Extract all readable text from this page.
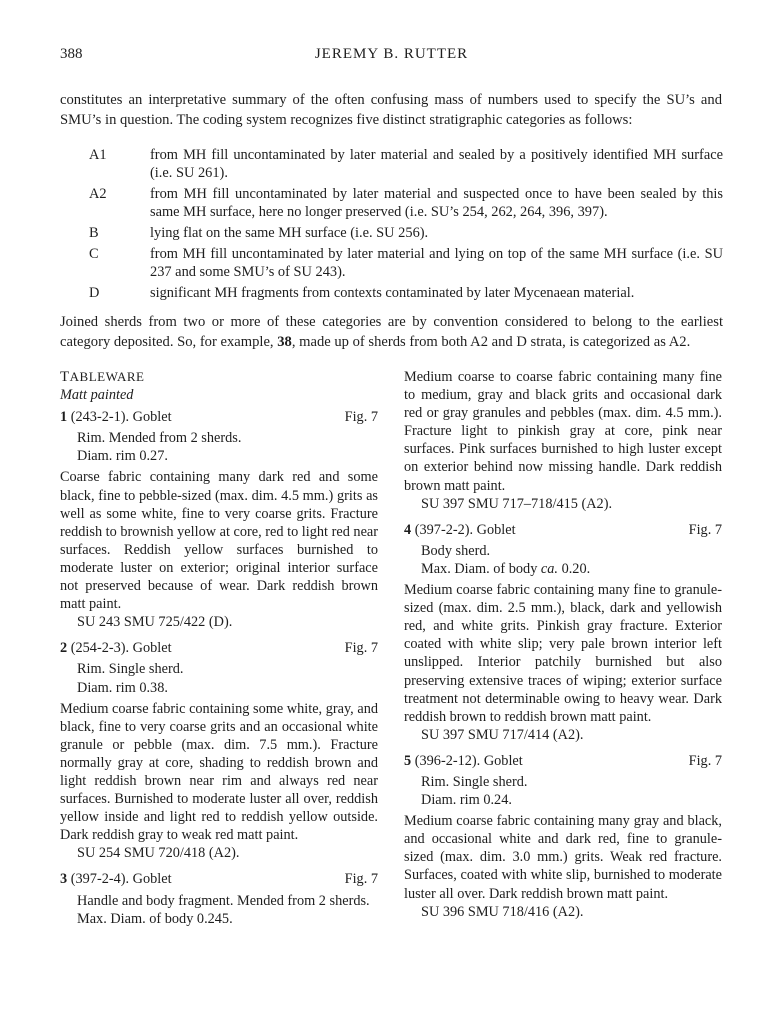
388	JEREMY B. RUTTER

constitutes an interpretative summary of the often confusing mass of numbers used to specify the SU’s and SMU’s in question. The coding system recognizes five distinct stratigraphic categories as follows:

A1	from MH fill uncontaminated by later material and sealed by a positively identified MH surface (i.e. SU 261).
A2	from MH fill uncontaminated by later material and suspected once to have been sealed by this same MH surface, here no longer preserved (i.e. SU’s 254, 262, 264, 396, 397).
B	lying flat on the same MH surface (i.e. SU 256).
C	from MH fill uncontaminated by later material and lying on top of the same MH surface (i.e. SU 237 and some SMU’s of SU 243).
D	significant MH fragments from contexts contaminated by later Mycenaean material.

Joined sherds from two or more of these categories are by convention considered to belong to the earliest category deposited. So, for example, 38, made up of sherds from both A2 and D strata, is categorized as A2.

TABLEWARE
Matt painted
1 (243-2-1). Goblet	Fig. 7
Rim. Mended from 2 sherds.
Diam. rim 0.27.
Coarse fabric containing many dark red and some black, fine to pebble-sized (max. dim. 4.5 mm.) grits as well as some white, fine to very coarse grits. Fracture reddish to brownish yellow at core, red to light red near surfaces. Reddish yellow surfaces burnished to moderate luster on exterior; original interior surface not preserved because of wear. Dark reddish brown matt paint.
SU 243 SMU 725/422 (D).
2 (254-2-3). Goblet	Fig. 7
Rim. Single sherd.
Diam. rim 0.38.
Medium coarse fabric containing some white, gray, and black, fine to very coarse grits and an occasional white granule or pebble (max. dim. 7.5 mm.). Fracture normally gray at core, shading to reddish brown and light reddish brown near rim and always red near surfaces. Burnished to moderate luster all over, reddish yellow inside and light red to reddish yellow outside. Dark reddish gray to weak red matt paint.
SU 254 SMU 720/418 (A2).
3 (397-2-4). Goblet	Fig. 7
Handle and body fragment. Mended from 2 sherds.
Max. Diam. of body 0.245.
Medium coarse to coarse fabric containing many fine to medium, gray and black grits and occasional dark red or gray granules and pebbles (max. dim. 4.5 mm.). Fracture light to pinkish gray at core, pink near surfaces. Pink surfaces burnished to high luster except on exterior behind now missing handle. Dark reddish brown matt paint.
SU 397 SMU 717–718/415 (A2).
4 (397-2-2). Goblet	Fig. 7
Body sherd.
Max. Diam. of body ca. 0.20.
Medium coarse fabric containing many fine to granule-sized (max. dim. 2.5 mm.), black, dark and yellowish red, and white grits. Pinkish gray fracture. Exterior coated with white slip; very pale brown interior left unslipped. Interior patchily burnished but also preserving extensive traces of wiping; exterior surface treatment not determinable owing to heavy wear. Dark reddish brown to reddish brown matt paint.
SU 397 SMU 717/414 (A2).
5 (396-2-12). Goblet	Fig. 7
Rim. Single sherd.
Diam. rim 0.24.
Medium coarse fabric containing many gray and black, and occasional white and dark red, fine to granule-sized (max. dim. 3.0 mm.) grits. Weak red fracture. Surfaces, coated with white slip, burnished to moderate luster all over. Dark reddish brown matt paint.
SU 396 SMU 718/416 (A2).
